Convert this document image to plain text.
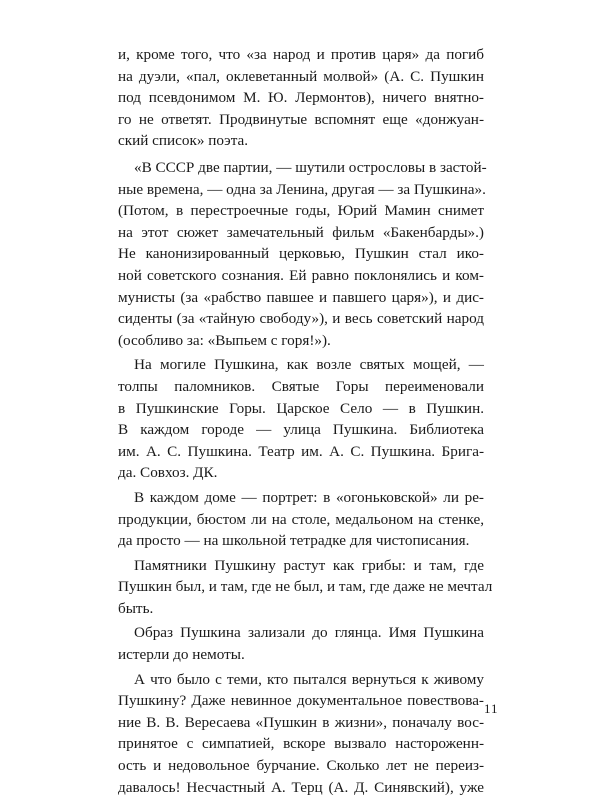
и, кроме того, что «за народ и против царя» да погиб
на дуэли, «пал, оклеветанный молвой» (А. С. Пушкин
под псевдонимом М. Ю. Лермонтов), ничего внятно-
го не ответят. Продвинутые вспомнят еще «донжуан-
ский список» поэта.
«В СССР две партии, — шутили острословы в застой-
ные времена, — одна за Ленина, другая — за Пушкина».
(Потом, в перестроечные годы, Юрий Мамин снимет
на этот сюжет замечательный фильм «Бакенбарды».)
Не канонизированный церковью, Пушкин стал ико-
ной советского сознания. Ей равно поклонялись и ком-
мунисты (за «рабство павшее и павшего царя»), и дис-
сиденты (за «тайную свободу»), и весь советский народ
(особливо за: «Выпьем с горя!»).
На могиле Пушкина, как возле святых мощей, —
толпы паломников. Святые Горы переименовали
в Пушкинские Горы. Царское Село — в Пушкин.
В каждом городе — улица Пушкина. Библиотека
им. А. С. Пушкина. Театр им. А. С. Пушкина. Брига-
да. Совхоз. ДК.
В каждом доме — портрет: в «огоньковской» ли ре-
продукции, бюстом ли на столе, медальоном на стенке,
да просто — на школьной тетрадке для чистописания.
Памятники Пушкину растут как грибы: и там, где
Пушкин был, и там, где не был, и там, где даже не мечтал
быть.
Образ Пушкина зализали до глянца. Имя Пушкина
истерли до немоты.
А что было с теми, кто пытался вернуться к живому
Пушкину? Даже невинное документальное повествова-
ние В. В. Вересаева «Пушкин в жизни», поначалу вос-
принятое с симпатией, вскоре вызвало настороженн-
ость и недовольное бурчание. Сколько лет не переиз-
давалось! Несчастный А. Терц (А. Д. Синявский), уже
11
